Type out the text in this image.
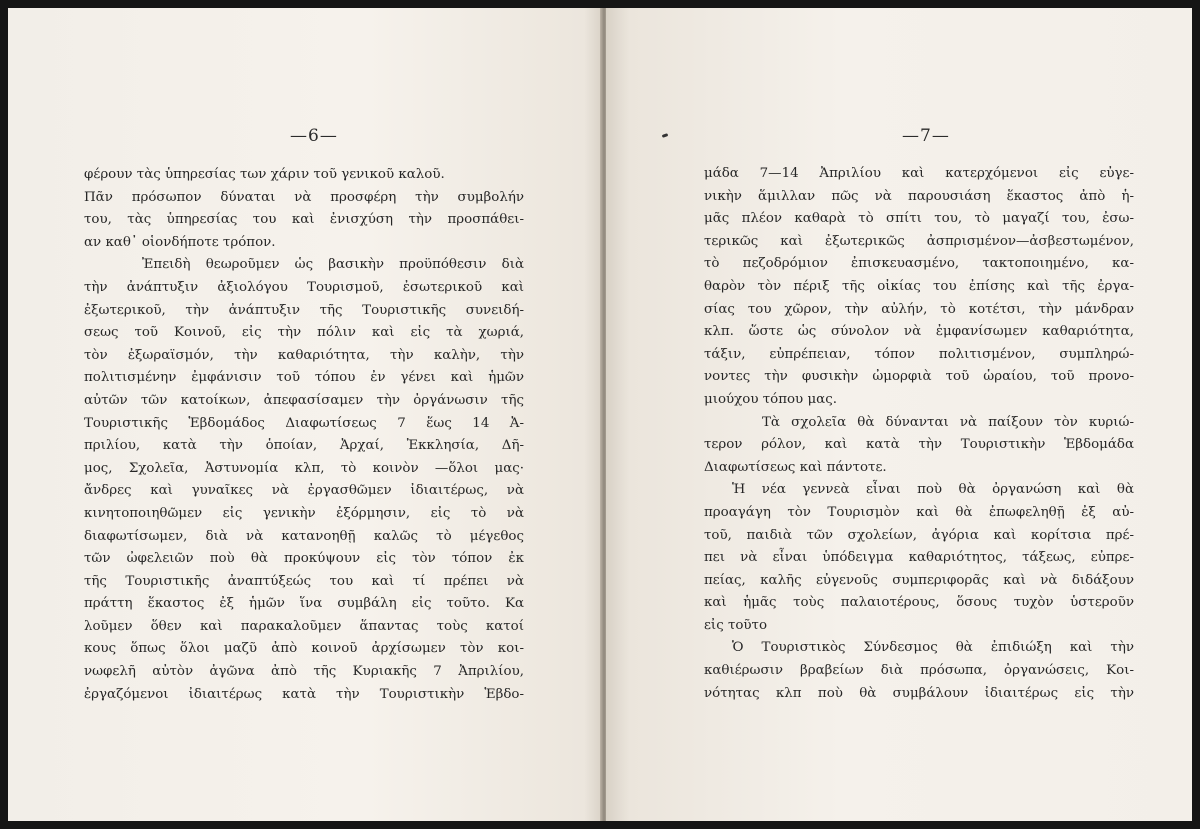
—6—
φέρουν τὰς ὑπηρεσίας των χάριν τοῦ γενικοῦ καλοῦ.
Πᾶν πρόσωπον δύναται νὰ προσφέρη τὴν συμβολήν
του, τὰς ὑπηρεσίας του καὶ ἐνισχύση τὴν προσπάθει-
αν καθ᾽ οἱονδήποτε τρόπον.
Ἐπειδὴ θεωροῦμεν ὡς βασικὴν προϋπόθεσιν διὰ
τὴν ἀνάπτυξιν ἀξιολόγου Τουρισμοῦ, ἐσωτερικοῦ καὶ
ἐξωτερικοῦ, τὴν ἀνάπτυξιν τῆς Τουριστικῆς συνειδή-
σεως τοῦ Κοινοῦ, εἰς τὴν πόλιν καὶ εἰς τὰ χωριά,
τὸν ἐξωραϊσμόν, τὴν καθαριότητα, τὴν καλὴν, τὴν
πολιτισμένην ἐμφάνισιν τοῦ τόπου ἐν γένει καὶ ἡμῶν
αὐτῶν τῶν κατοίκων, ἀπεφασίσαμεν τὴν ὀργάνωσιν τῆς
Τουριστικῆς Ἑβδομάδος Διαφωτίσεως 7 ἕως 14 Ἀ-
πριλίου, κατὰ τὴν ὁποίαν, Ἀρχαί, Ἐκκλησία, Δῆ-
μος, Σχολεῖα, Ἀστυνομία κλπ, τὸ κοινὸν —ὅλοι μας·
ἄνδρες καὶ γυναῖκες νὰ ἐργασθῶμεν ἰδιαιτέρως, νὰ
κινητοποιηθῶμεν εἰς γενικὴν ἐξόρμησιν, εἰς τὸ νὰ
διαφωτίσωμεν, διὰ νὰ κατανοηθῇ καλῶς τὸ μέγεθος
τῶν ὠφελειῶν ποὺ θὰ προκύψουν εἰς τὸν τόπον ἐκ
τῆς Τουριστικῆς ἀναπτύξεώς του καὶ τί πρέπει νὰ
πράττη ἕκαστος ἐξ ἡμῶν ἵνα συμβάλη εἰς τοῦτο. Κα
λοῦμεν ὅθεν καὶ παρακαλοῦμεν ἅπαντας τοὺς κατοί
κους ὅπως ὅλοι μαζῦ ἀπὸ κοινοῦ ἀρχίσωμεν τὸν κοι-
νωφελῆ αὐτὸν ἀγῶνα ἀπὸ τῆς Κυριακῆς 7 Ἀπριλίου,
ἐργαζόμενοι ἰδιαιτέρως κατὰ τὴν Τουριστικὴν Ἑβδο-
—7—
μάδα 7—14 Ἀπριλίου καὶ κατερχόμενοι εἰς εὐγε-
νικὴν ἅμιλλαν πῶς νὰ παρουσιάση ἕκαστος ἀπὸ ἡ-
μᾶς πλέον καθαρὰ τὸ σπίτι του, τὸ μαγαζί του, ἐσω-
τερικῶς καὶ ἐξωτερικῶς ἀσπρισμένον—ἀσβεστωμένον,
τὸ πεζοδρόμιον ἐπισκευασμένο, τακτοποιημένο, κα-
θαρὸν τὸν πέριξ τῆς οἰκίας του ἐπίσης καὶ τῆς ἐργα-
σίας του χῶρον, τὴν αὐλήν, τὸ κοτέτσι, τὴν μάνδραν
κλπ. ὥστε ὡς σύνολον νὰ ἐμφανίσωμεν καθαριότητα,
τάξιν, εὐπρέπειαν, τόπον πολιτισμένον, συμπληρώ-
νοντες τὴν φυσικὴν ὠμορφιὰ τοῦ ὡραίου, τοῦ προνο-
μιούχου τόπου μας.
Τὰ σχολεῖα θὰ δύνανται νὰ παίξουν τὸν κυριώ-
τερον ρόλον, καὶ κατὰ τὴν Τουριστικὴν Ἑβδομάδα
Διαφωτίσεως καὶ πάντοτε.
Ἡ νέα γεννεὰ εἶναι ποὺ θὰ ὀργανώση καὶ θὰ
προαγάγη τὸν Τουρισμὸν καὶ θὰ ἐπωφεληθῇ ἐξ αὐ-
τοῦ, παιδιὰ τῶν σχολείων, ἀγόρια καὶ κορίτσια πρέ-
πει νὰ εἶναι ὑπόδειγμα καθαριότητος, τάξεως, εὐπρε-
πείας, καλῆς εὐγενοῦς συμπεριφορᾶς καὶ νὰ διδάξουν
καὶ ἡμᾶς τοὺς παλαιοτέρους, ὅσους τυχὸν ὑστεροῦν
εἰς τοῦτο
Ὁ Τουριστικὸς Σύνδεσμος θὰ ἐπιδιώξη καὶ τὴν
καθιέρωσιν βραβείων διὰ πρόσωπα, ὀργανώσεις, Κοι-
νότητας κλπ ποὺ θὰ συμβάλουν ἰδιαιτέρως εἰς τὴν
